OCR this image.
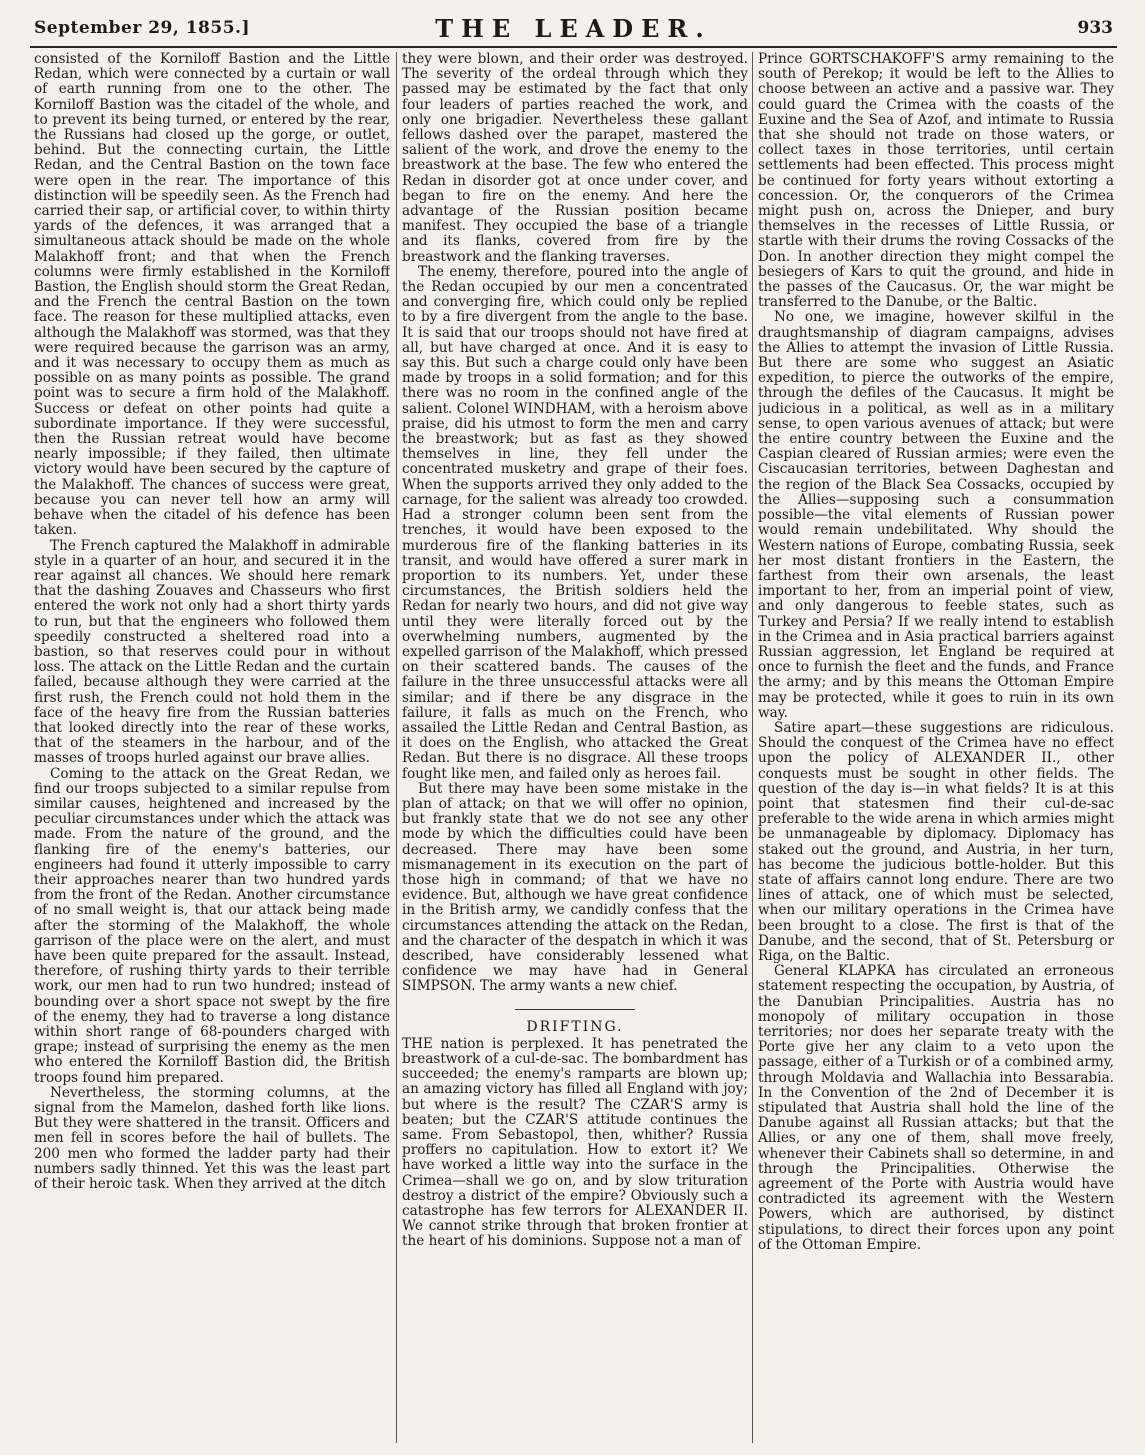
September 29, 1855.]	THE LEADER.	933

consisted of the Korniloff Bastion and the Little Redan, which were connected by a curtain or wall of earth running from one to the other. The Korniloff Bastion was the citadel of the whole, and to prevent its being turned, or entered by the rear, the Russians had closed up the gorge, or outlet, behind. But the connecting curtain, the Little Redan, and the Central Bastion on the town face were open in the rear. The importance of this distinction will be speedily seen. As the French had carried their sap, or artificial cover, to within thirty yards of the defences, it was arranged that a simultaneous attack should be made on the whole Malakhoff front; and that when the French columns were firmly established in the Korniloff Bastion, the English should storm the Great Redan, and the French the central Bastion on the town face. The reason for these multiplied attacks, even although the Malakhoff was stormed, was that they were required because the garrison was an army, and it was necessary to occupy them as much as possible on as many points as possible. The grand point was to secure a firm hold of the Malakhoff. Success or defeat on other points had quite a subordinate importance. If they were successful, then the Russian retreat would have become nearly impossible; if they failed, then ultimate victory would have been secured by the capture of the Malakhoff. The chances of success were great, because you can never tell how an army will behave when the citadel of his defence has been taken.

The French captured the Malakhoff in admirable style in a quarter of an hour, and secured it in the rear against all chances. We should here remark that the dashing Zouaves and Chasseurs who first entered the work not only had a short thirty yards to run, but that the engineers who followed them speedily constructed a sheltered road into a bastion, so that reserves could pour in without loss. The attack on the Little Redan and the curtain failed, because although they were carried at the first rush, the French could not hold them in the face of the heavy fire from the Russian batteries that looked directly into the rear of these works, that of the steamers in the harbour, and of the masses of troops hurled against our brave allies.

Coming to the attack on the Great Redan, we find our troops subjected to a similar repulse from similar causes, heightened and increased by the peculiar circumstances under which the attack was made. From the nature of the ground, and the flanking fire of the enemy's batteries, our engineers had found it utterly impossible to carry their approaches nearer than two hundred yards from the front of the Redan. Another circumstance of no small weight is, that our attack being made after the storming of the Malakhoff, the whole garrison of the place were on the alert, and must have been quite prepared for the assault. Instead, therefore, of rushing thirty yards to their terrible work, our men had to run two hundred; instead of bounding over a short space not swept by the fire of the enemy, they had to traverse a long distance within short range of 68-pounders charged with grape; instead of surprising the enemy as the men who entered the Korniloff Bastion did, the British troops found him prepared.

Nevertheless, the storming columns, at the signal from the Mamelon, dashed forth like lions. But they were shattered in the transit. Officers and men fell in scores before the hail of bullets. The 200 men who formed the ladder party had their numbers sadly thinned. Yet this was the least part of their heroic task. When they arrived at the ditch

they were blown, and their order was destroyed. The severity of the ordeal through which they passed may be estimated by the fact that only four leaders of parties reached the work, and only one brigadier. Nevertheless these gallant fellows dashed over the parapet, mastered the salient of the work, and drove the enemy to the breastwork at the base. The few who entered the Redan in disorder got at once under cover, and began to fire on the enemy. And here the advantage of the Russian position became manifest. They occupied the base of a triangle and its flanks, covered from fire by the breastwork and the flanking traverses.

The enemy, therefore, poured into the angle of the Redan occupied by our men a concentrated and converging fire, which could only be replied to by a fire divergent from the angle to the base. It is said that our troops should not have fired at all, but have charged at once. And it is easy to say this. But such a charge could only have been made by troops in a solid formation; and for this there was no room in the confined angle of the salient. Colonel WINDHAM, with a heroism above praise, did his utmost to form the men and carry the breastwork; but as fast as they showed themselves in line, they fell under the concentrated musketry and grape of their foes. When the supports arrived they only added to the carnage, for the salient was already too crowded. Had a stronger column been sent from the trenches, it would have been exposed to the murderous fire of the flanking batteries in its transit, and would have offered a surer mark in proportion to its numbers. Yet, under these circumstances, the British soldiers held the Redan for nearly two hours, and did not give way until they were literally forced out by the overwhelming numbers, augmented by the expelled garrison of the Malakhoff, which pressed on their scattered bands. The causes of the failure in the three unsuccessful attacks were all similar; and if there be any disgrace in the failure, it falls as much on the French, who assailed the Little Redan and Central Bastion, as it does on the English, who attacked the Great Redan. But there is no disgrace. All these troops fought like men, and failed only as heroes fail.

But there may have been some mistake in the plan of attack; on that we will offer no opinion, but frankly state that we do not see any other mode by which the difficulties could have been decreased. There may have been some mismanagement in its execution on the part of those high in command; of that we have no evidence. But, although we have great confidence in the British army, we candidly confess that the circumstances attending the attack on the Redan, and the character of the despatch in which it was described, have considerably lessened what confidence we may have had in General SIMPSON. The army wants a new chief.

DRIFTING.

THE nation is perplexed. It has penetrated the breastwork of a cul-de-sac. The bombardment has succeeded; the enemy's ramparts are blown up; an amazing victory has filled all England with joy; but where is the result? The CZAR'S army is beaten; but the CZAR'S attitude continues the same. From Sebastopol, then, whither? Russia proffers no capitulation. How to extort it? We have worked a little way into the surface in the Crimea—shall we go on, and by slow trituration destroy a district of the empire? Obviously such a catastrophe has few terrors for ALEXANDER II. We cannot strike through that broken frontier at the heart of his dominions. Suppose not a man of

Prince GORTSCHAKOFF'S army remaining to the south of Perekop; it would be left to the Allies to choose between an active and a passive war. They could guard the Crimea with the coasts of the Euxine and the Sea of Azof, and intimate to Russia that she should not trade on those waters, or collect taxes in those territories, until certain settlements had been effected. This process might be continued for forty years without extorting a concession. Or, the conquerors of the Crimea might push on, across the Dnieper, and bury themselves in the recesses of Little Russia, or startle with their drums the roving Cossacks of the Don. In another direction they might compel the besiegers of Kars to quit the ground, and hide in the passes of the Caucasus. Or, the war might be transferred to the Danube, or the Baltic.

No one, we imagine, however skilful in the draughtsmanship of diagram campaigns, advises the Allies to attempt the invasion of Little Russia. But there are some who suggest an Asiatic expedition, to pierce the outworks of the empire, through the defiles of the Caucasus. It might be judicious in a political, as well as in a military sense, to open various avenues of attack; but were the entire country between the Euxine and the Caspian cleared of Russian armies; were even the Ciscaucasian territories, between Daghestan and the region of the Black Sea Cossacks, occupied by the Allies—supposing such a consummation possible—the vital elements of Russian power would remain undebilitated. Why should the Western nations of Europe, combating Russia, seek her most distant frontiers in the Eastern, the farthest from their own arsenals, the least important to her, from an imperial point of view, and only dangerous to feeble states, such as Turkey and Persia? If we really intend to establish in the Crimea and in Asia practical barriers against Russian aggression, let England be required at once to furnish the fleet and the funds, and France the army; and by this means the Ottoman Empire may be protected, while it goes to ruin in its own way.

Satire apart—these suggestions are ridiculous. Should the conquest of the Crimea have no effect upon the policy of ALEXANDER II., other conquests must be sought in other fields. The question of the day is—in what fields? It is at this point that statesmen find their cul-de-sac preferable to the wide arena in which armies might be unmanageable by diplomacy. Diplomacy has staked out the ground, and Austria, in her turn, has become the judicious bottle-holder. But this state of affairs cannot long endure. There are two lines of attack, one of which must be selected, when our military operations in the Crimea have been brought to a close. The first is that of the Danube, and the second, that of St. Petersburg or Riga, on the Baltic.

General KLAPKA has circulated an erroneous statement respecting the occupation, by Austria, of the Danubian Principalities. Austria has no monopoly of military occupation in those territories; nor does her separate treaty with the Porte give her any claim to a veto upon the passage, either of a Turkish or of a combined army, through Moldavia and Wallachia into Bessarabia. In the Convention of the 2nd of December it is stipulated that Austria shall hold the line of the Danube against all Russian attacks; but that the Allies, or any one of them, shall move freely, whenever their Cabinets shall so determine, in and through the Principalities. Otherwise the agreement of the Porte with Austria would have contradicted its agreement with the Western Powers, which are authorised, by distinct stipulations, to direct their forces upon any point of the Ottoman Empire.
